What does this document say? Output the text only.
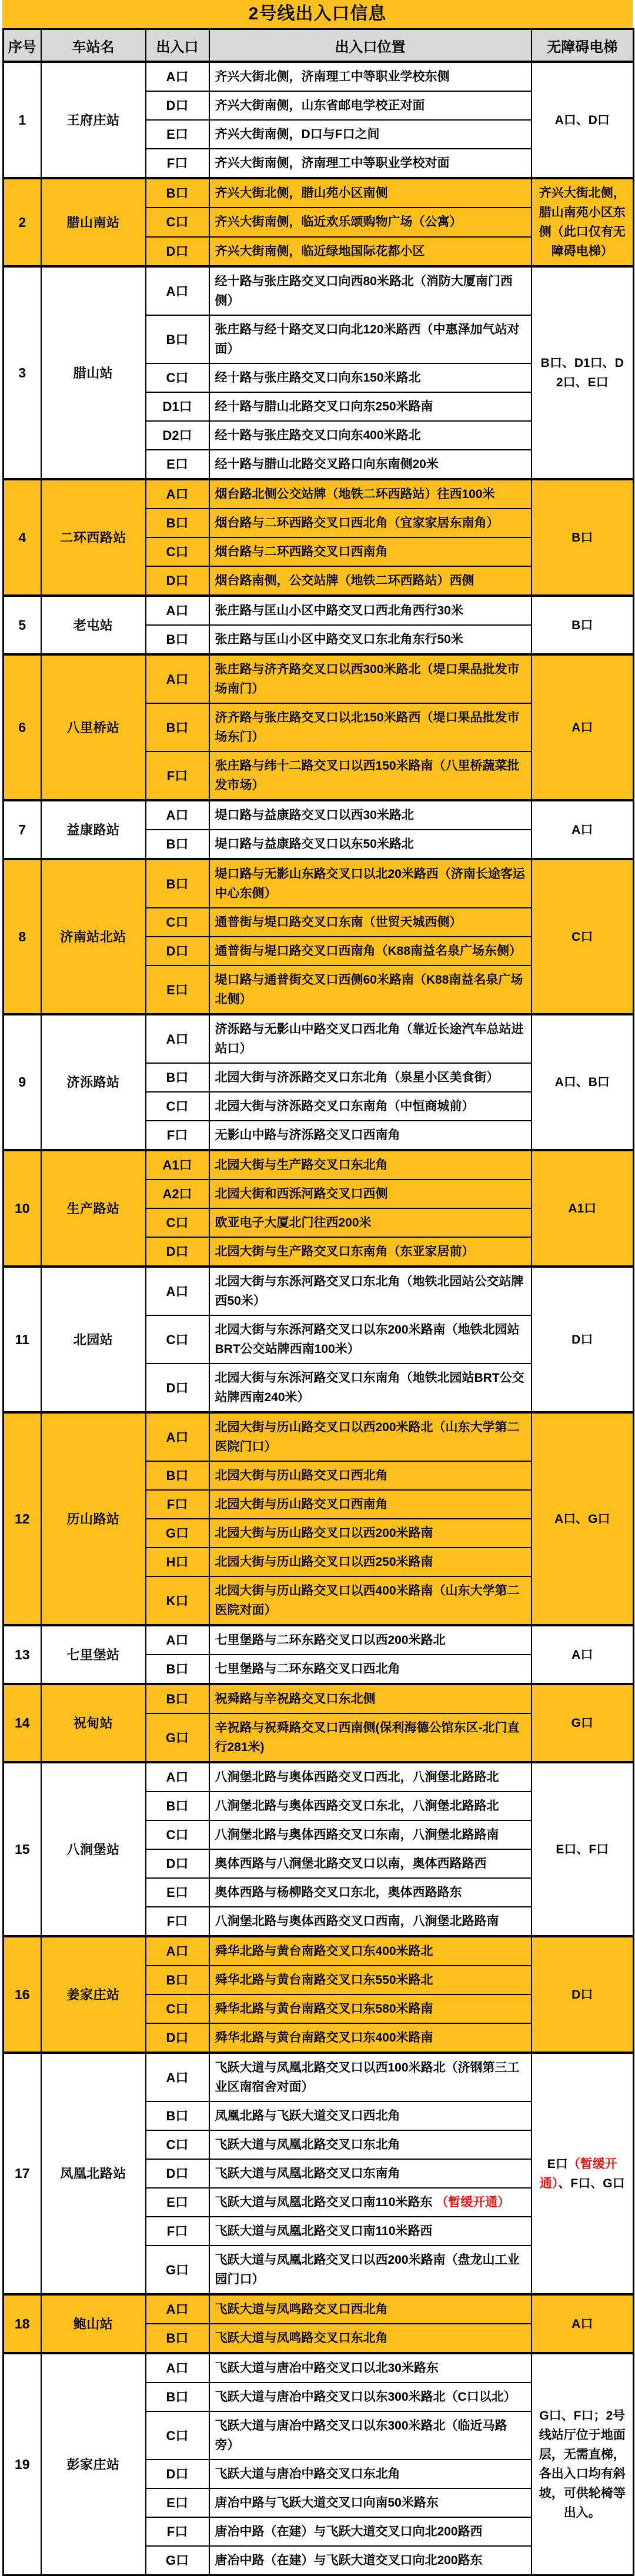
2号线出入口信息
序号	车站名	出入口	出入口位置	无障碍电梯
1	王府庄站	A口	齐兴大街北侧，济南理工中等职业学校东侧	A口、D口
		D口	齐兴大街南侧，山东省邮电学校正对面	
		E口	齐兴大街南侧，D口与F口之间	
		F口	齐兴大街南侧，济南理工中等职业学校对面	
2	腊山南站	B口	齐兴大街北侧，腊山苑小区南侧	齐兴大街北侧，腊山南苑小区东侧（此口仅有无障碍电梯）
		C口	齐兴大街南侧，临近欢乐颂购物广场（公寓）	
		D口	齐兴大街南侧，临近绿地国际花都小区	
3	腊山站	A口	经十路与张庄路交叉口向西80米路北（消防大厦南门西侧）	B口、D1口、D2口、E口
		B口	张庄路与经十路交叉口向北120米路西（中惠泽加气站对面）	
		C口	经十路与张庄路交叉口向东150米路北	
		D1口	经十路与腊山北路交叉口向东250米路南	
		D2口	经十路与张庄路交叉口向东400米路北	
		E口	经十路与腊山北路交叉路口向东南侧20米	
4	二环西路站	A口	烟台路北侧公交站牌（地铁二环西路站）往西100米	B口
		B口	烟台路与二环西路交叉口西北角（宜家家居东南角）	
		C口	烟台路与二环西路交叉口西南角	
		D口	烟台路南侧，公交站牌（地铁二环西路站）西侧	
5	老屯站	A口	张庄路与匡山小区中路交叉口西北角西行30米	B口
		B口	张庄路与匡山小区中路交叉口东北角东行50米	
6	八里桥站	A口	张庄路与济齐路交叉口以西300米路北（堤口果品批发市场南门）	A口
		B口	济齐路与张庄路交叉口以北150米路西（堤口果品批发市场东门）	
		F口	张庄路与纬十二路交叉口以西150米路南（八里桥蔬菜批发市场）	
7	益康路站	A口	堤口路与益康路交叉口以西30米路北	A口
		B口	堤口路与益康路交叉口以东50米路北	
8	济南站北站	B口	堤口路与无影山东路交叉口以北20米路西（济南长途客运中心东侧）	C口
		C口	通普街与堤口路交叉口东南（世贸天城西侧）	
		D口	通普街与堤口路交叉口西南角（K88南益名泉广场东侧）	
		E口	堤口路与通普街交叉口西侧60米路南（K88南益名泉广场北侧）	
9	济泺路站	A口	济泺路与无影山中路交叉口西北角（靠近长途汽车总站进站口）	A口、B口
		B口	北园大街与济泺路交叉口东北角（泉星小区美食街）	
		C口	北园大街与济泺路交叉口东南角（中恒商城前）	
		F口	无影山中路与济泺路交叉口西南角	
10	生产路站	A1口	北园大街与生产路交叉口东北角	A1口
		A2口	北园大街和西泺河路交叉口西侧	
		C口	欧亚电子大厦北门往西200米	
		D口	北园大街与生产路交叉口东南角（东亚家居前）	
11	北园站	A口	北园大街与东泺河路交叉口东北角（地铁北园站公交站牌西50米）	D口
		C口	北园大街与东泺河路交叉口以东200米路南（地铁北园站BRT公交站牌西南100米）	
		D口	北园大街与东泺河路交叉口东南角（地铁北园站BRT公交站牌西南240米）	
12	历山路站	A口	北园大街与历山路交叉口以西200米路北（山东大学第二医院门口）	A口、G口
		B口	北园大街与历山路交叉口西北角	
		F口	北园大街与历山路交叉口西南角	
		G口	北园大街与历山路交叉口以西200米路南	
		H口	北园大街与历山路交叉口以西250米路南	
		K口	北园大街与历山路交叉口以西400米路南（山东大学第二医院对面）	
13	七里堡站	A口	七里堡路与二环东路交叉口以西200米路北	A口
		B口	七里堡路与二环东路交叉口西北角	
14	祝甸站	B口	祝舜路与辛祝路交叉口东北侧	G口
		G口	辛祝路与祝舜路交叉口西南侧(保利海德公馆东区-北门直行281米)	
15	八涧堡站	A口	八涧堡北路与奥体西路交叉口西北，八涧堡北路路北	E口、F口
		B口	八涧堡北路与奥体西路交叉口东北，八涧堡北路路北	
		C口	八涧堡北路与奥体西路交叉口东南，八涧堡北路路南	
		D口	奥体西路与八涧堡北路交叉口以南，奥体西路路西	
		E口	奥体西路与杨柳路交叉口东北，奥体西路路东	
		F口	八涧堡北路与奥体西路交叉口西南，八涧堡北路路南	
16	姜家庄站	A口	舜华北路与黄台南路交叉口东400米路北	D口
		B口	舜华北路与黄台南路交叉口东550米路北	
		C口	舜华北路与黄台南路交叉口东580米路南	
		D口	舜华北路与黄台南路交叉口东400米路南	
17	凤凰北路站	A口	飞跃大道与凤凰北路交叉口以西100米路北（济钢第三工业区南宿舍对面）	E口（暂缓开通）、F口、G口
		B口	凤凰北路与飞跃大道交叉口西北角	
		C口	飞跃大道与凤凰北路交叉口东北角	
		D口	飞跃大道与凤凰北路交叉口东南角	
		E口	飞跃大道与凤凰北路交叉口南110米路东 （暂缓开通）	
		F口	飞跃大道与凤凰北路交叉口南110米路西	
		G口	飞跃大道与凤凰北路交叉口以西200米路南（盘龙山工业园门口）	
18	鲍山站	A口	飞跃大道与凤鸣路交叉口西北角	A口
		B口	飞跃大道与凤鸣路交叉口东北角	
19	彭家庄站	A口	飞跃大道与唐冶中路交叉口以北30米路东	G口、F口；2号线站厅位于地面层，无需直梯，各出入口均有斜坡，可供轮椅等出入。
		B口	飞跃大道与唐冶中路交叉口以东300米路北（C口以北）	
		C口	飞跃大道与唐冶中路交叉口以东300米路北（临近马路旁）	
		D口	飞跃大道与唐冶中路交叉口东北角	
		E口	唐冶中路与飞跃大道交叉口向南50米路东	
		F口	唐冶中路（在建）与飞跃大道交叉口向北200路西	
		G口	唐冶中路（在建）与飞跃大道交叉口向北200路东	
